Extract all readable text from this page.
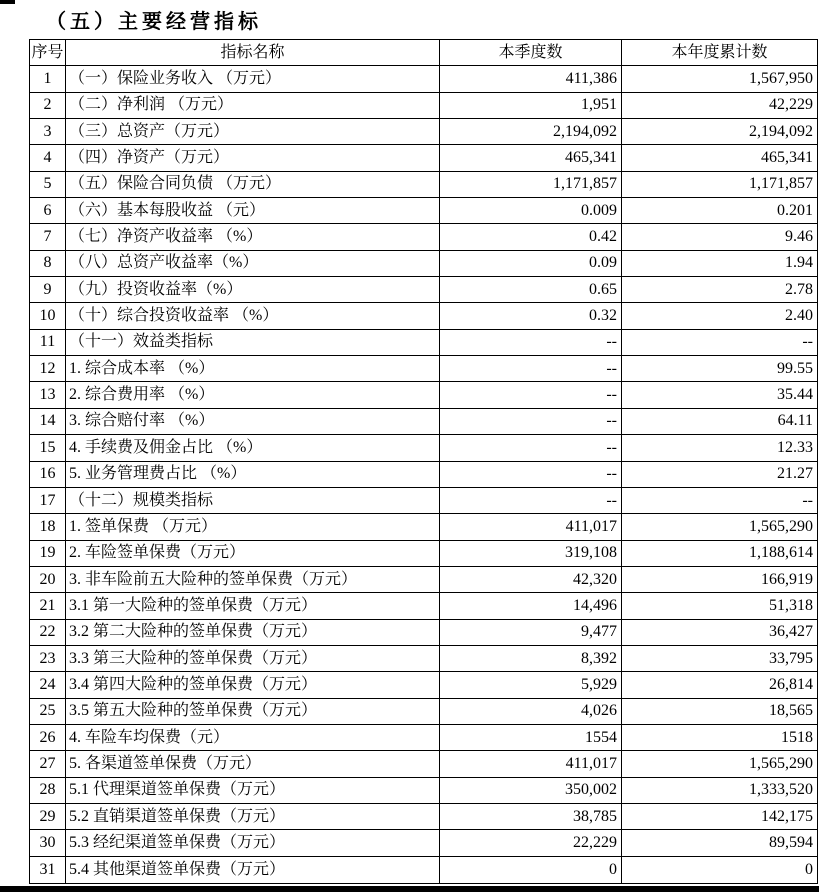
（五）主要经营指标
序号	指标名称	本季度数	本年度累计数
1	（一）保险业务收入 （万元）	411,386	1,567,950
2	（二）净利润 （万元）	1,951	42,229
3	（三）总资产（万元）	2,194,092	2,194,092
4	（四）净资产（万元）	465,341	465,341
5	（五）保险合同负债 （万元）	1,171,857	1,171,857
6	（六）基本每股收益 （元）	0.009	0.201
7	（七）净资产收益率 （%）	0.42	9.46
8	（八）总资产收益率（%）	0.09	1.94
9	（九）投资收益率（%）	0.65	2.78
10 （十）综合投资收益率 （%）	0.32	2.40
11 （十一）效益类指标	--	--
12 1. 综合成本率 （%）	--	99.55
13 2. 综合费用率 （%）	--	35.44
14 3. 综合赔付率 （%）	--	64.11
15 4. 手续费及佣金占比 （%）	--	12.33
16 5. 业务管理费占比 （%）	--	21.27
17 （十二）规模类指标	--	--
18 1. 签单保费 （万元）	411,017	1,565,290
19 2. 车险签单保费（万元）	319,108	1,188,614
20 3. 非车险前五大险种的签单保费（万元）	42,320	166,919
21 3.1 第一大险种的签单保费（万元）	14,496	51,318
22 3.2 第二大险种的签单保费（万元）	9,477	36,427
23 3.3 第三大险种的签单保费（万元）	8,392	33,795
24 3.4 第四大险种的签单保费（万元）	5,929	26,814
25 3.5 第五大险种的签单保费（万元）	4,026	18,565
26 4. 车险车均保费（元）	1554	1518
27 5. 各渠道签单保费（万元）	411,017	1,565,290
28 5.1 代理渠道签单保费（万元）	350,002	1,333,520
29 5.2 直销渠道签单保费（万元）	38,785	142,175
30 5.3 经纪渠道签单保费（万元）	22,229	89,594
31 5.4 其他渠道签单保费（万元）	0	0
